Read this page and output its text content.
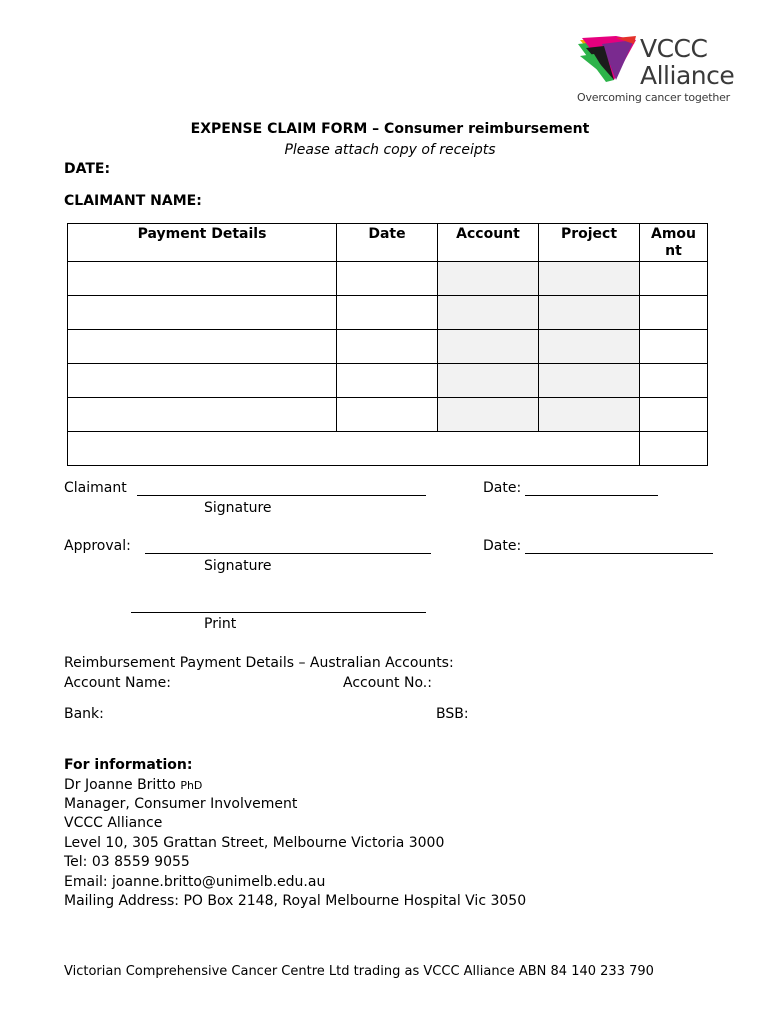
VCCC
Alliance
Overcoming cancer together
EXPENSE CLAIM FORM – Consumer reimbursement
Please attach copy of receipts
DATE:
CLAIMANT NAME:
Payment Details	Date	Account	Project	Amou nt

Claimant
Signature
Date:
Approval:
Signature
Date:
Print
Reimbursement Payment Details – Australian Accounts:
Account Name:	Account No.:
Bank:	BSB:
For information:
Dr Joanne Britto PhD
Manager, Consumer Involvement
VCCC Alliance
Level 10, 305 Grattan Street, Melbourne Victoria 3000
Tel: 03 8559 9055
Email: joanne.britto@unimelb.edu.au
Mailing Address: PO Box 2148, Royal Melbourne Hospital Vic 3050
Victorian Comprehensive Cancer Centre Ltd trading as VCCC Alliance ABN 84 140 233 790
